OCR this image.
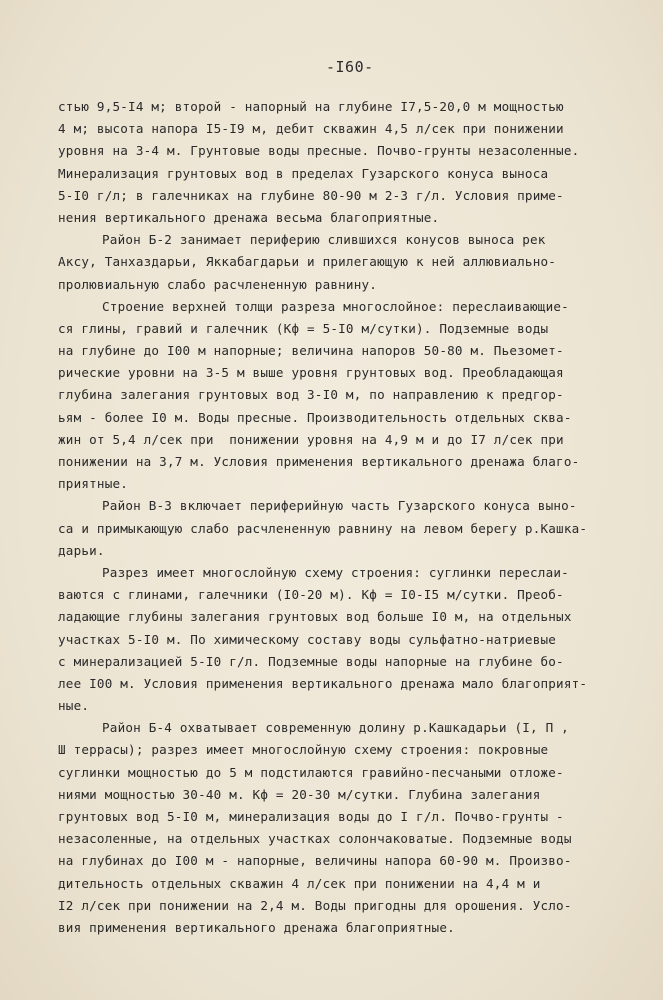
-I60-
стью 9,5-I4 м; второй - напорный на глубине I7,5-20,0 м мощностью
4 м; высота напора I5-I9 м, дебит скважин 4,5 л/сек при понижении
уровня на 3-4 м. Грунтовые воды пресные. Почво-грунты незасоленные.
Минерализация грунтовых вод в пределах Гузарского конуса выноса
5-I0 г/л; в галечниках на глубине 80-90 м 2-3 г/л. Условия приме-
нения вертикального дренажа весьма благоприятные.
Район Б-2 занимает периферию слившихся конусов выноса рек
Аксу, Танхаздарьи, Яккабагдарьи и прилегающую к ней аллювиально-
пролювиальную слабо расчлененную равнину.
Строение верхней толщи разреза многослойное: переслаивающие-
ся глины, гравий и галечник (Кф = 5-I0 м/сутки). Подземные воды
на глубине до I00 м напорные; величина напоров 50-80 м. Пьезомет-
рические уровни на 3-5 м выше уровня грунтовых вод. Преобладающая
глубина залегания грунтовых вод 3-I0 м, по направлению к предгор-
ьям - более I0 м. Воды пресные. Производительность отдельных сква-
жин от 5,4 л/сек при  понижении уровня на 4,9 м и до I7 л/сек при
понижении на 3,7 м. Условия применения вертикального дренажа благо-
приятные.
Район В-3 включает периферийную часть Гузарского конуса выно-
са и примыкающую слабо расчлененную равнину на левом берегу р.Кашка-
дарьи.
Разрез имеет многослойную схему строения: суглинки переслаи-
ваются с глинами, галечники (I0-20 м). Кф = I0-I5 м/сутки. Преоб-
ладающие глубины залегания грунтовых вод больше I0 м, на отдельных
участках 5-I0 м. По химическому составу воды сульфатно-натриевые
с минерализацией 5-I0 г/л. Подземные воды напорные на глубине бо-
лее I00 м. Условия применения вертикального дренажа мало благоприят-
ные.
Район Б-4 охватывает современную долину р.Кашкадарьи (I, П ,
Ш террасы); разрез имеет многослойную схему строения: покровные
суглинки мощностью до 5 м подстилаются гравийно-песчаными отложе-
ниями мощностью 30-40 м. Кф = 20-30 м/сутки. Глубина залегания
грунтовых вод 5-I0 м, минерализация воды до I г/л. Почво-грунты -
незасоленные, на отдельных участках солончаковатые. Подземные воды
на глубинах до I00 м - напорные, величины напора 60-90 м. Произво-
дительность отдельных скважин 4 л/сек при понижении на 4,4 м и
I2 л/сек при понижении на 2,4 м. Воды пригодны для орошения. Усло-
вия применения вертикального дренажа благоприятные.
